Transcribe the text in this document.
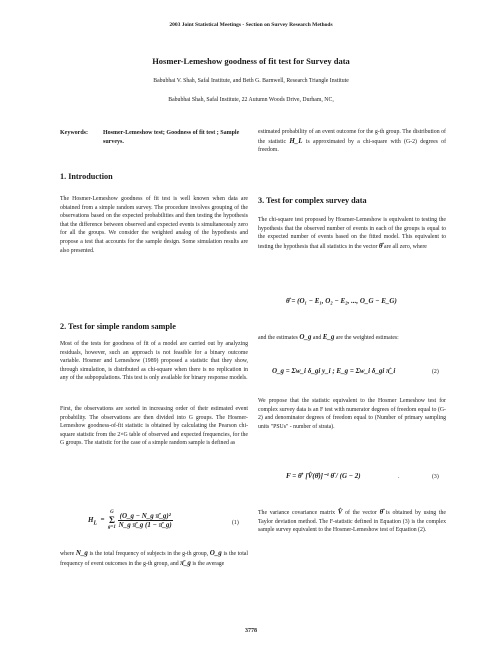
2003 Joint Statistical Meetings - Section on Survey Research Methods
Hosmer-Lemeshow goodness of fit test for Survey data
Babubhai V. Shah, Safal Institute, and Beth G. Barnwell, Research Triangle Institute
Babubhai Shah, Safal Institute, 22 Autumn Woods Drive, Durham, NC,
Keywords:	Hosmer-Lemeshow test; Goodness of fit test ; Sample surveys.
1. Introduction
The Hosmer-Lemeshow goodness of fit test is well known when data are obtained from a simple random survey. The procedure involves grouping of the observations based on the expected probabilities and then testing the hypothesis that the difference between observed and expected events is simultaneously zero for all the groups. We consider the weighted analog of the hypothesis and propose a test that accounts for the sample design. Some simulation results are also presented.
2. Test for simple random sample
Most of the tests for goodness of fit of a model are carried out by analyzing residuals, however, such an approach is not feasible for a binary outcome variable. Hosmer and Lemeshow (1989) proposed a statistic that they show, through simulation, is distributed as chi-square when there is no replication in any of the subpopulations. This test is only available for binary response models.
First, the observations are sorted in increasing order of their estimated event probability. The observations are then divided into G groups. The Hosmer-Lemeshow goodness-of-fit statistic is obtained by calculating the Pearson chi-square statistic from the 2×G table of observed and expected frequencies, for the G groups. The statistic for the case of a simple random sample is defined as
$H_L$  =
G
Σ
g=1
$\frac{\text{(O\_g − N\_g π̄\_g)²}}{\text{N\_g π̄\_g (1 − π̄\_g)}}$	(1)
where N_g is the total frequency of subjects in the g-th group, O_g is the total frequency of event outcomes in the g-th group, and π̄_g is the average
estimated probability of an event outcome for the g-th group. The distribution of the statistic H_L is approximated by a chi-square with (G-2) degrees of freedom.
3. Test for complex survey data
The chi-square test proposed by Hosmer-Lemeshow is equivalent to testing the hypothesis that the observed number of events in each of the groups is equal to the expected number of events based on the fitted model. This equivalent to testing the hypothesis that all statistics in the vector θ̂ are all zero, where
θ̂ = (O₁ − E₁, O₂ − E₂, ..., O_G − E_G)
and the estimates O_g and E_g are the weighted estimates:
O_g = Σw_i δ_gi y_i ; E_g = Σw_i δ_gi π̂_i	(2)
We propose that the statistic equivalent to the Hosmer Lemeshow test for complex survey data is an F test with numerator degrees of freedom equal to (G-2) and denominator degrees of freedom equal to (Number of primary sampling units "PSUs" - number of strata).
F = θ̂′ [V̂(θ̂)]⁻¹ θ̂ / (G − 2)	.	(3)
The variance covariance matrix V̂ of the vector θ̂ is obtained by using the Taylor deviation method. The F-statistic defined in Equation (3) is the complex sample survey equivalent to the Hosmer-Lemeshow test of Equation (2).
3778
